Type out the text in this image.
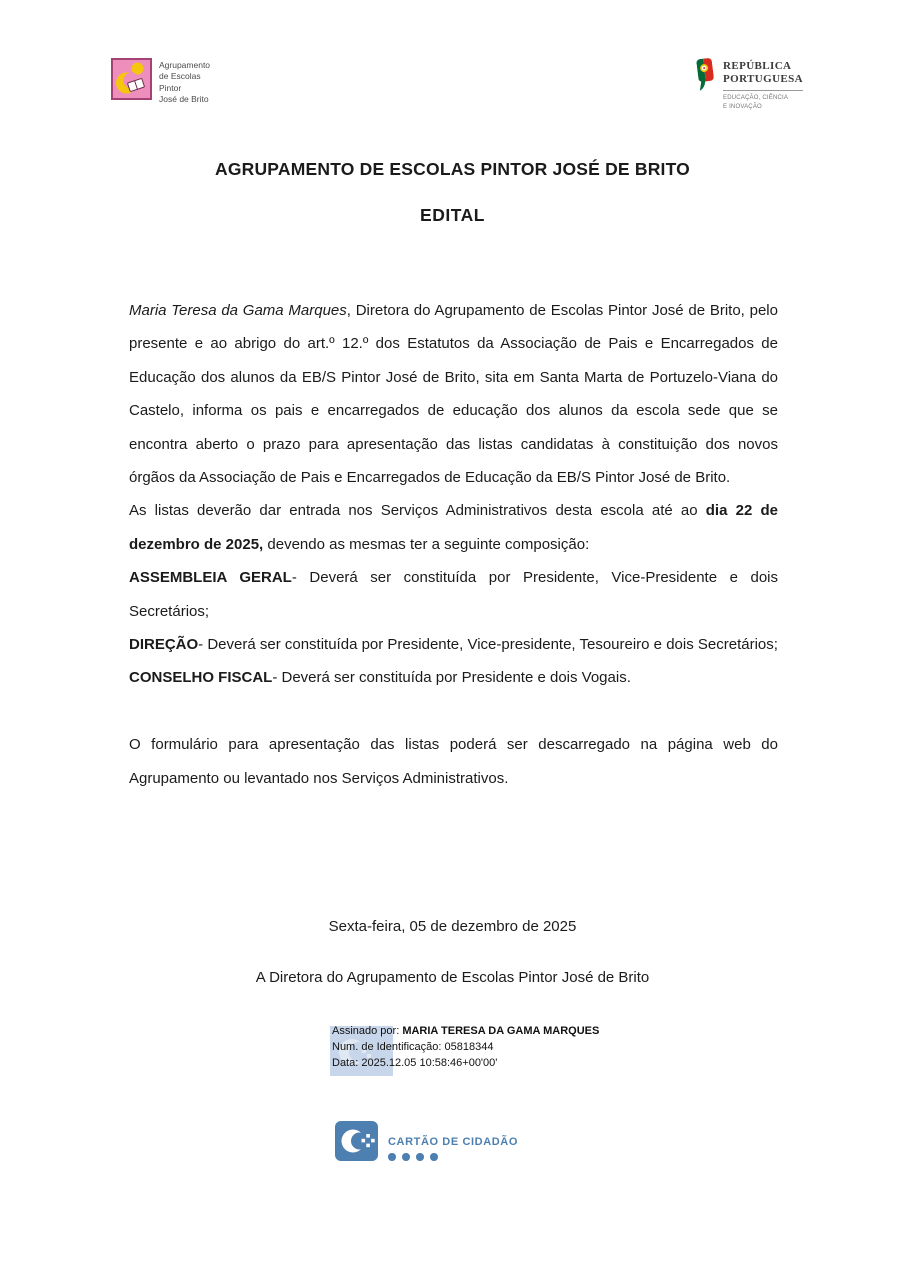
Agrupamento
de Escolas
Pintor
José de Brito
REPÚBLICA
PORTUGUESA
EDUCAÇÃO, CIÊNCIA
E INOVAÇÃO
AGRUPAMENTO DE ESCOLAS PINTOR JOSÉ DE BRITO
EDITAL

Maria Teresa da Gama Marques, Diretora do Agrupamento de Escolas Pintor José de Brito, pelo presente e ao abrigo do art.º 12.º dos Estatutos da Associação de Pais e Encarregados de Educação dos alunos da EB/S Pintor José de Brito, sita em Santa Marta de Portuzelo-Viana do Castelo, informa os pais e encarregados de educação dos alunos da escola sede que se encontra aberto o prazo para apresentação das listas candidatas à constituição dos novos órgãos da Associação de Pais e Encarregados de Educação da EB/S Pintor José de Brito.

As listas deverão dar entrada nos Serviços Administrativos desta escola até ao dia 22 de dezembro de 2025, devendo as mesmas ter a seguinte composição:

ASSEMBLEIA GERAL- Deverá ser constituída por Presidente, Vice-Presidente e dois Secretários;

DIREÇÃO- Deverá ser constituída por Presidente, Vice-presidente, Tesoureiro e dois Secretários;

CONSELHO FISCAL- Deverá ser constituída por Presidente e dois Vogais.

O formulário para apresentação das listas poderá ser descarregado na página web do Agrupamento ou levantado nos Serviços Administrativos.

Sexta-feira, 05 de dezembro de 2025
A Diretora do Agrupamento de Escolas Pintor José de Brito
Assinado por: MARIA TERESA DA GAMA MARQUES
Num. de Identificação: 05818344
Data: 2025.12.05 10:58:46+00'00'
CARTÃO DE CIDADÃO
